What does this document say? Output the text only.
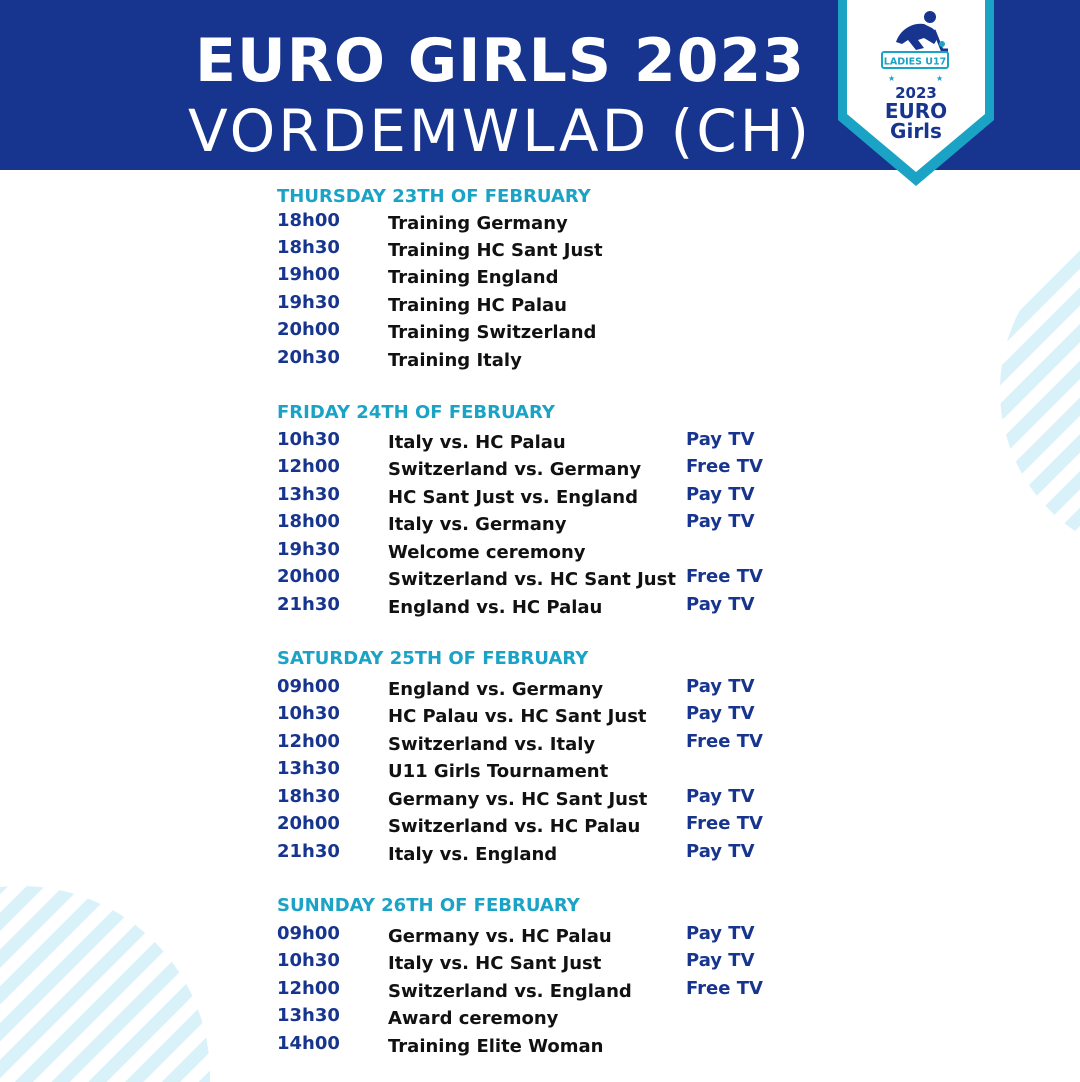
EURO GIRLS 2023
VORDEMWLAD (CH)
LADIES U17
★	★
2023
EURO
Girls
THURSDAY 23TH OF FEBRUARY
18h00	Training Germany
18h30	Training HC Sant Just
19h00	Training England
19h30	Training HC Palau
20h00	Training Switzerland
20h30	Training Italy
FRIDAY 24TH OF FEBRUARY
10h30	Italy vs. HC Palau	Pay TV
12h00	Switzerland vs. Germany Free TV
13h30	HC Sant Just vs. England	Pay TV
18h00	Italy vs. Germany	Pay TV
19h30	Welcome ceremony
20h00	Switzerland vs. HC Sant Just Free TV
21h30	England vs. HC Palau	Pay TV
SATURDAY 25TH OF FEBRUARY
09h00	England vs. Germany	Pay TV
10h30	HC Palau vs. HC Sant Just Pay TV
12h00	Switzerland vs. Italy	Free TV
13h30	U11 Girls Tournament
18h30	Germany vs. HC Sant Just Pay TV
20h00	Switzerland vs. HC Palau	Free TV
21h30	Italy vs. England	Pay TV
SUNNDAY 26TH OF FEBRUARY
09h00	Germany vs. HC Palau	Pay TV
10h30	Italy vs. HC Sant Just	Pay TV
12h00	Switzerland vs. England	Free TV
13h30	Award ceremony
14h00	Training Elite Woman
